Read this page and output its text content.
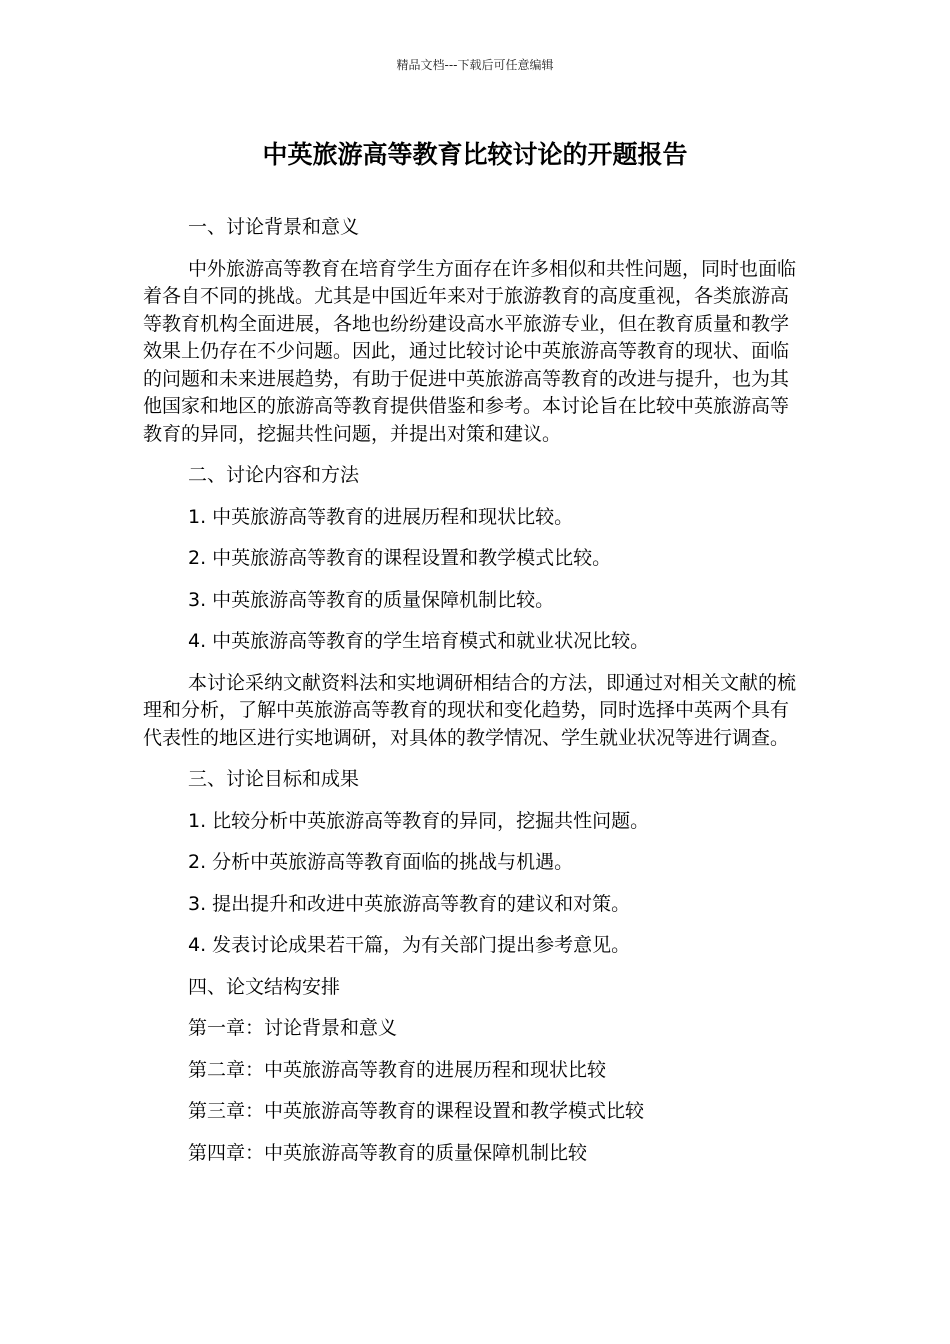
精品文档---下载后可任意编辑
中英旅游高等教育比较讨论的开题报告

一、讨论背景和意义

中外旅游高等教育在培育学生方面存在许多相似和共性问题，同时也面临着各自不同的挑战。尤其是中国近年来对于旅游教育的高度重视，各类旅游高等教育机构全面进展，各地也纷纷建设高水平旅游专业，但在教育质量和教学效果上仍存在不少问题。因此，通过比较讨论中英旅游高等教育的现状、面临的问题和未来进展趋势，有助于促进中英旅游高等教育的改进与提升，也为其他国家和地区的旅游高等教育提供借鉴和参考。本讨论旨在比较中英旅游高等教育的异同，挖掘共性问题，并提出对策和建议。

二、讨论内容和方法

1. 中英旅游高等教育的进展历程和现状比较。

2. 中英旅游高等教育的课程设置和教学模式比较。

3. 中英旅游高等教育的质量保障机制比较。

4. 中英旅游高等教育的学生培育模式和就业状况比较。

本讨论采纳文献资料法和实地调研相结合的方法，即通过对相关文献的梳理和分析，了解中英旅游高等教育的现状和变化趋势，同时选择中英两个具有代表性的地区进行实地调研，对具体的教学情况、学生就业状况等进行调查。

三、讨论目标和成果

1. 比较分析中英旅游高等教育的异同，挖掘共性问题。

2. 分析中英旅游高等教育面临的挑战与机遇。

3. 提出提升和改进中英旅游高等教育的建议和对策。

4. 发表讨论成果若干篇，为有关部门提出参考意见。

四、论文结构安排

第一章：讨论背景和意义

第二章：中英旅游高等教育的进展历程和现状比较

第三章：中英旅游高等教育的课程设置和教学模式比较

第四章：中英旅游高等教育的质量保障机制比较
